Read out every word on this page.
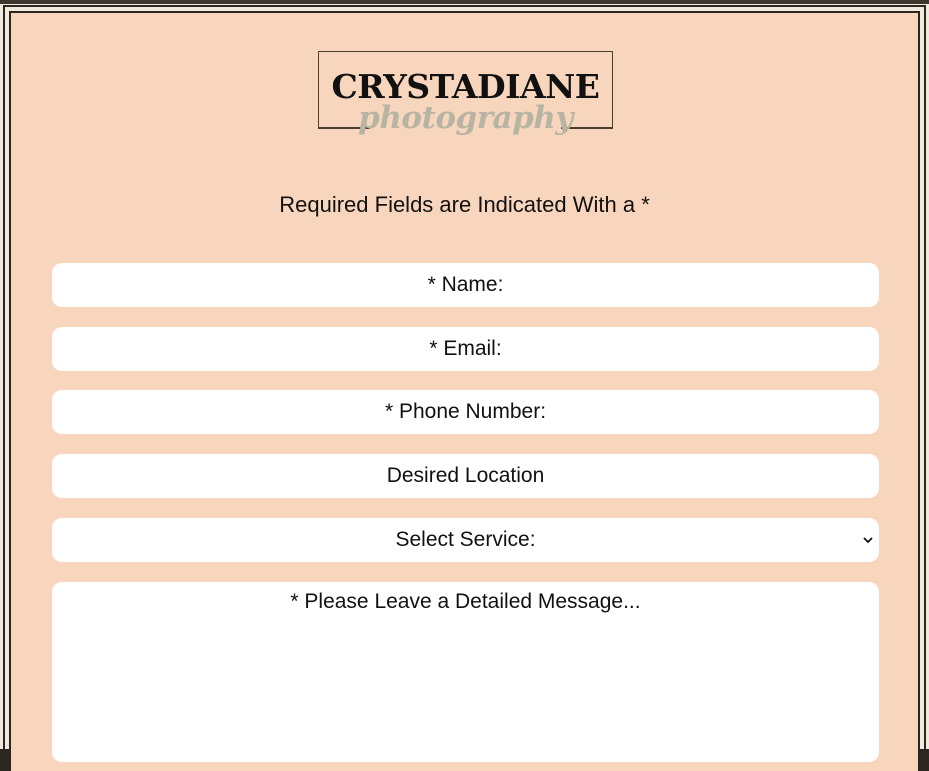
CRYSTADIANE
photography
Required Fields are Indicated With a *
* Name:
* Email:
* Phone Number:
Desired Location
Select Service:
* Please Leave a Detailed Message...
